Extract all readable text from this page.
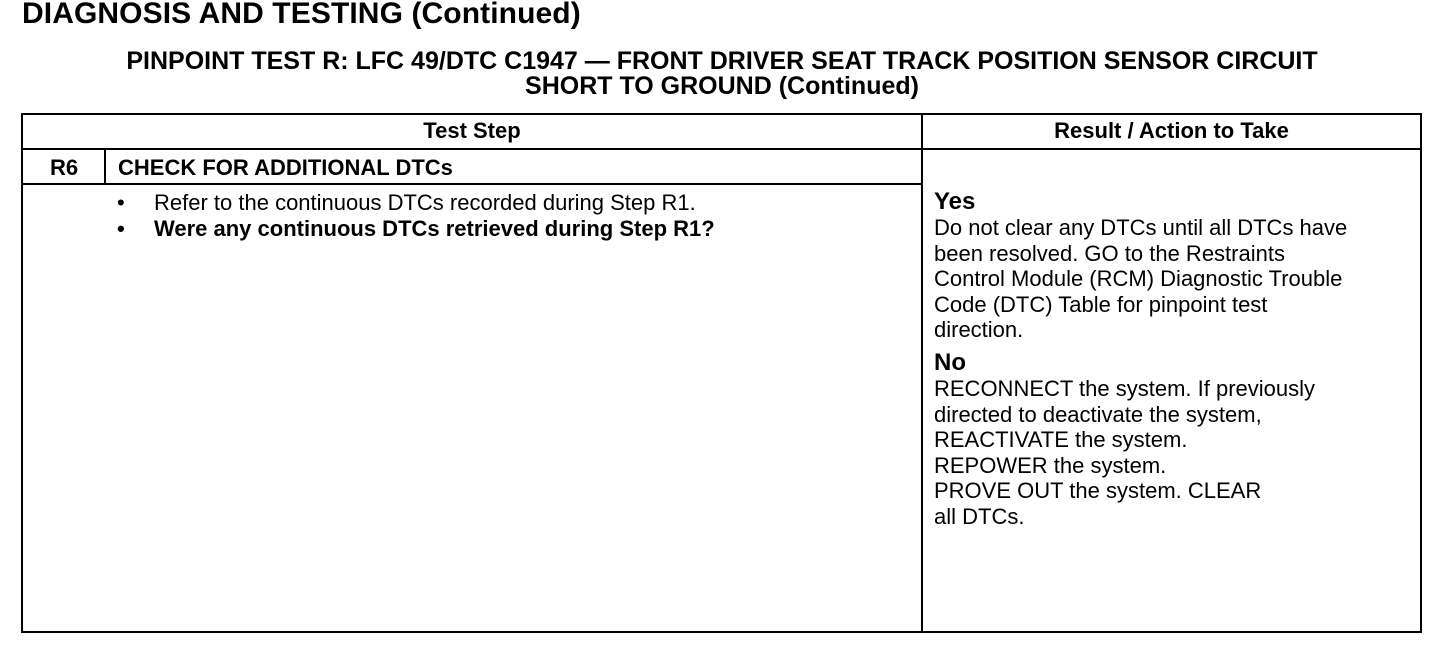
DIAGNOSIS AND TESTING (Continued)
PINPOINT TEST R: LFC 49/DTC C1947 — FRONT DRIVER SEAT TRACK POSITION SENSOR CIRCUIT
SHORT TO GROUND (Continued)
Test Step	Result / Action to Take
R6	CHECK FOR ADDITIONAL DTCs
• Refer to the continuous DTCs recorded during Step R1.
• Were any continuous DTCs retrieved during Step R1?
Yes
Do not clear any DTCs until all DTCs have
been resolved. GO to the Restraints
Control Module (RCM) Diagnostic Trouble
Code (DTC) Table for pinpoint test
direction.
No
RECONNECT the system. If previously
directed to deactivate the system,
REACTIVATE the system.
REPOWER the system.
PROVE OUT the system. CLEAR
all DTCs.
